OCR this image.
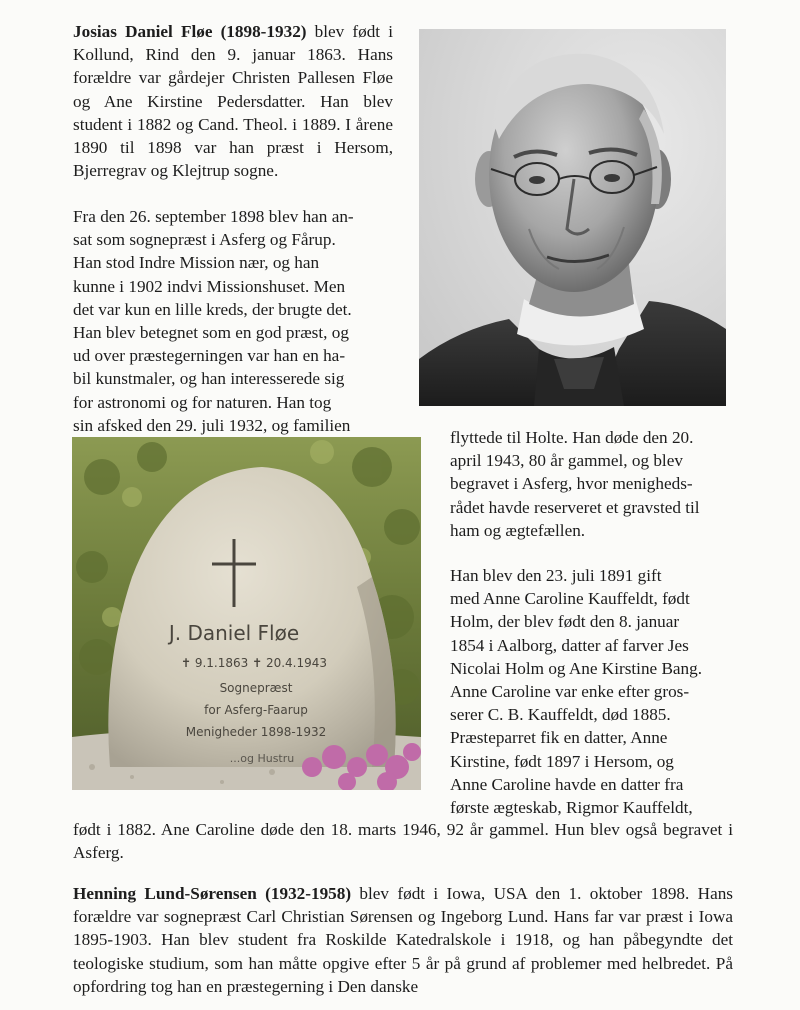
Josias Daniel Fløe (1898-1932) blev født i Kollund, Rind den 9. januar 1863. Hans forældre var gårdejer Christen Pallesen Fløe og Ane Kirstine Pedersdatter. Han blev student i 1882 og Cand. Theol. i 1889. I årene 1890 til 1898 var han præst i Hersom, Bjerregrav og Klejtrup sogne.
Fra den 26. september 1898 blev han an-
sat som sognepræst i Asferg og Fårup.
Han stod Indre Mission nær, og han
kunne i 1902 indvi Missionshuset. Men
det var kun en lille kreds, der brugte det.
Han blev betegnet som en god præst, og
ud over præstegerningen var han en ha-
bil kunstmaler, og han interesserede sig
for astronomi og for naturen. Han tog
sin afsked den 29. juli 1932, og familien
J. Daniel Fløe
✝ 9.1.1863 ✝ 20.4.1943
Sognepræst
for Asferg-Faarup
Menigheder 1898-1932
...og Hustru
flyttede til Holte. Han døde den 20.
april 1943, 80 år gammel, og blev
begravet i Asferg, hvor menigheds-
rådet havde reserveret et gravsted til
ham og ægtefællen.
Han blev den 23. juli 1891 gift
med Anne Caroline Kauffeldt, født
Holm, der blev født den 8. januar
1854 i Aalborg, datter af farver Jes
Nicolai Holm og Ane Kirstine Bang.
Anne Caroline var enke efter gros-
serer C. B. Kauffeldt, død 1885.
Præsteparret fik en datter, Anne
Kirstine, født 1897 i Hersom, og
Anne Caroline havde en datter fra
første ægteskab, Rigmor Kauffeldt,
født i 1882. Ane Caroline døde den 18. marts 1946, 92 år gammel. Hun blev også begravet i Asferg.
Henning Lund-Sørensen (1932-1958) blev født i Iowa, USA den 1. oktober 1898. Hans forældre var sognepræst Carl Christian Sørensen og Ingeborg Lund. Hans far var præst i Iowa 1895-1903. Han blev student fra Roskilde Katedralskole i 1918, og han påbegyndte det teologiske studium, som han måtte opgive efter 5 år på grund af problemer med helbredet. På opfordring tog han en præstegerning i Den danske
